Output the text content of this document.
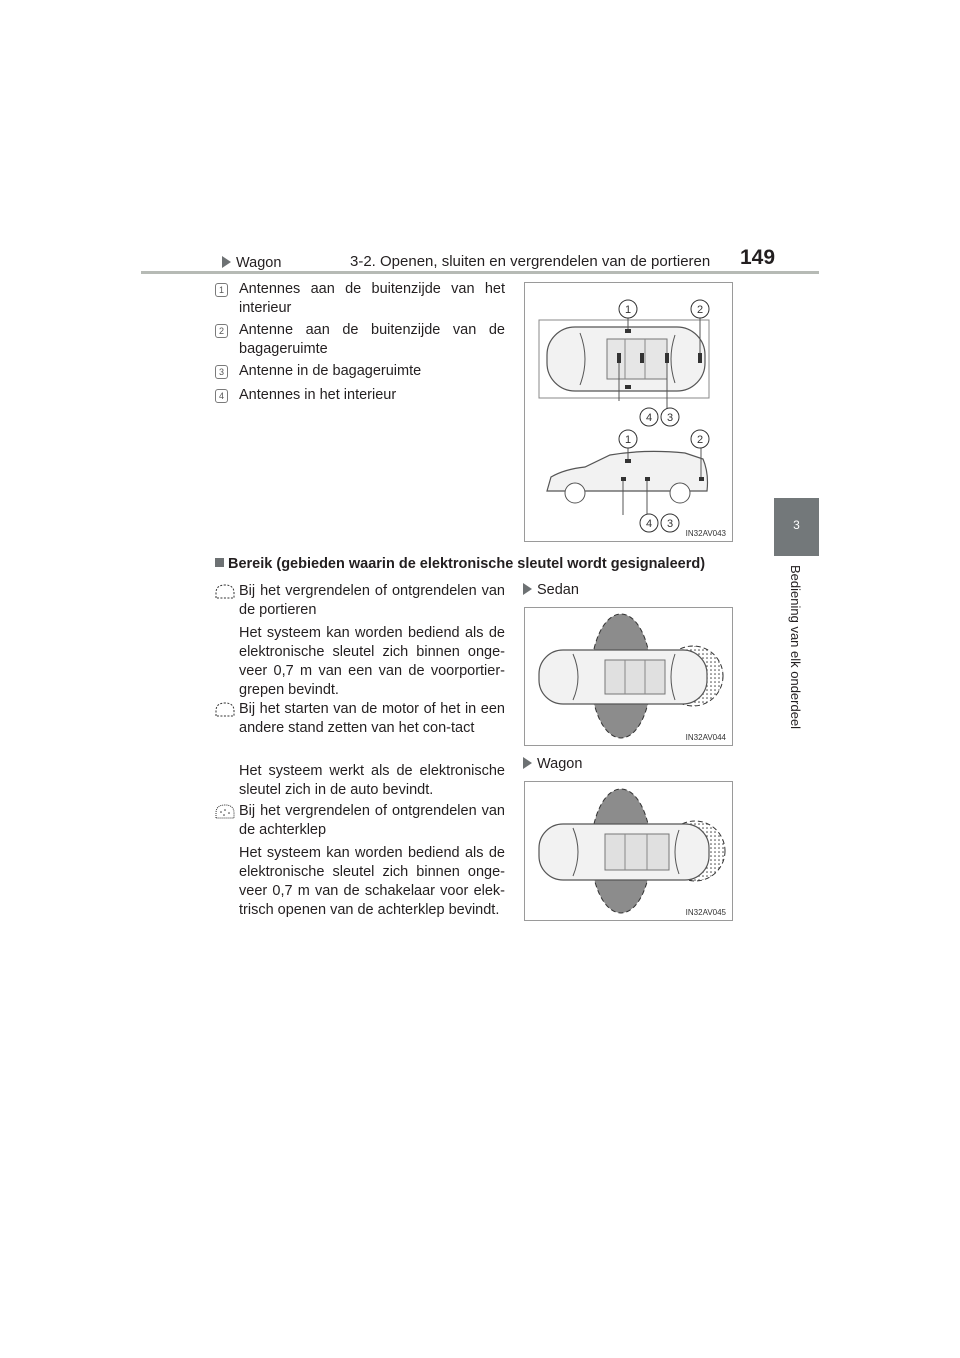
3-2. Openen, sluiten en vergrendelen van de portieren 149
3
Bediening van elk onderdeel
Wagon
1 Antennes aan de buitenzijde van het interieur
2 Antenne aan de buitenzijde van de bagageruimte
3 Antenne in de bagageruimte
4 Antennes in het interieur
1	2
4 3
1	2
4 3
IN32AV043
Bereik (gebieden waarin de elektronische sleutel wordt gesignaleerd)
Bij het vergrendelen of ontgrendelen van de portieren
Het systeem kan worden bediend als de elektronische sleutel zich binnen onge-veer 0,7 m van een van de voorportier-grepen bevindt.
Bij het starten van de motor of het in een andere stand zetten van het con-tact
Het systeem werkt als de elektronische sleutel zich in de auto bevindt.
Bij het vergrendelen of ontgrendelen van de achterklep
Het systeem kan worden bediend als de elektronische sleutel zich binnen onge-veer 0,7 m van de schakelaar voor elek-trisch openen van de achterklep bevindt.
Sedan
IN32AV044
Wagon
IN32AV045
